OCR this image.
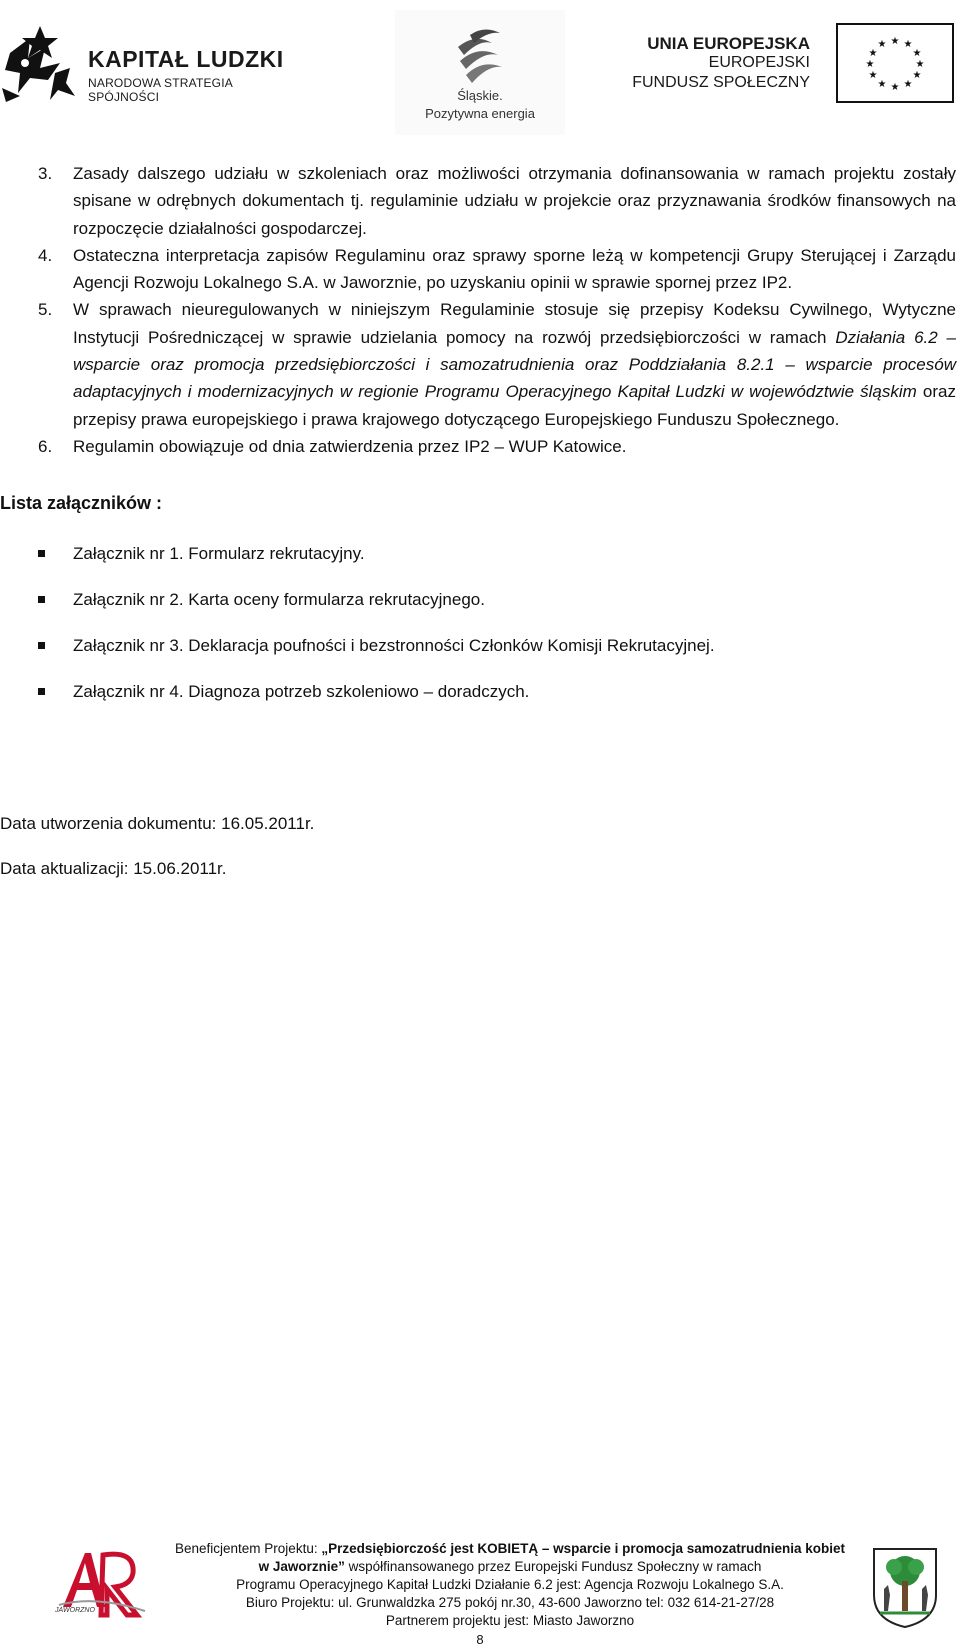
KAPITAŁ LUDZKI
NARODOWA STRATEGIA SPÓJNOŚCI	Śląskie.
Pozytywna energia
UNIA EUROPEJSKA
EUROPEJSKI
FUNDUSZ SPOŁECZNY
★ ★
★
★
★
★
★
★
★
★
★
★
3. Zasady dalszego udziału w szkoleniach oraz możliwości otrzymania dofinansowania w ramach projektu zostały spisane w odrębnych dokumentach tj. regulaminie udziału w projekcie oraz przyznawania środków finansowych na rozpoczęcie działalności gospodarczej.
4. Ostateczna interpretacja zapisów Regulaminu oraz sprawy sporne leżą w kompetencji Grupy Sterującej i Zarządu Agencji Rozwoju Lokalnego S.A. w Jaworznie, po uzyskaniu opinii w sprawie spornej przez IP2.
5. W sprawach nieuregulowanych w niniejszym Regulaminie stosuje się przepisy Kodeksu Cywilnego, Wytyczne Instytucji Pośredniczącej w sprawie udzielania pomocy na rozwój przedsiębiorczości w ramach Działania 6.2 – wsparcie oraz promocja przedsiębiorczości i samozatrudnienia oraz Poddziałania 8.2.1 – wsparcie procesów adaptacyjnych i modernizacyjnych w regionie Programu Operacyjnego Kapitał Ludzki w województwie śląskim oraz przepisy prawa europejskiego i prawa krajowego dotyczącego Europejskiego Funduszu Społecznego.
6. Regulamin obowiązuje od dnia zatwierdzenia przez IP2 – WUP Katowice.
Lista załączników :
Załącznik nr 1. Formularz rekrutacyjny.
Załącznik nr 2. Karta oceny formularza rekrutacyjnego.
Załącznik nr 3. Deklaracja poufności i bezstronności Członków Komisji Rekrutacyjnej.
Załącznik nr 4. Diagnoza potrzeb szkoleniowo – doradczych.
Data utworzenia dokumentu: 16.05.2011r.
Data aktualizacji: 15.06.2011r.
JAWORZNO
Beneficjentem Projektu: „Przedsiębiorczość jest KOBIETĄ – wsparcie i promocja samozatrudnienia kobiet
w Jaworznie” współfinansowanego przez Europejski Fundusz Społeczny w ramach
Programu Operacyjnego Kapitał Ludzki Działanie 6.2 jest: Agencja Rozwoju Lokalnego S.A.
Biuro Projektu: ul. Grunwaldzka 275 pokój nr.30, 43-600 Jaworzno tel: 032 614-21-27/28
Partnerem projektu jest: Miasto Jaworzno
8
